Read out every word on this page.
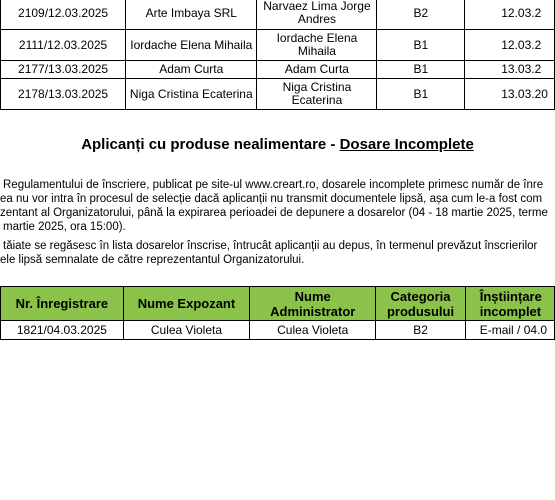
2109/12.03.2025	Arte Imbaya SRL	Narvaez Lima Jorge Andres	B2	12.03.2
2111/12.03.2025	Iordache Elena Mihaila	Iordache Elena Mihaila	B1	12.03.2
2177/13.03.2025	Adam Curta	Adam Curta	B1	13.03.2
2178/13.03.2025	Niga Cristina Ecaterina	Niga Cristina Ecaterina	B1	13.03.20
Aplicanți cu produse nealimentare - Dosare Incomplete
Regulamentului de înscriere, publicat pe site-ul www.creart.ro, dosarele incomplete primesc număr de înre
ea nu vor intra în procesul de selecție dacă aplicanții nu transmit documentele lipsă, așa cum le-a fost com
zentant al Organizatorului, până la expirarea perioadei de depunere a dosarelor (04 - 18 martie 2025, terme
martie 2025, ora 15:00).
tăiate se regăsesc în lista dosarelor înscrise, întrucât aplicanții au depus, în termenul prevăzut înscrierilor
ele lipsă semnalate de către reprezentantul Organizatorului.
Nr. Înregistrare	Nume Expozant	Nume Administrator	Categoria produsului	Înștiințare incomplet
1821/04.03.2025	Culea Violeta	Culea Violeta	B2	E-mail / 04.0
